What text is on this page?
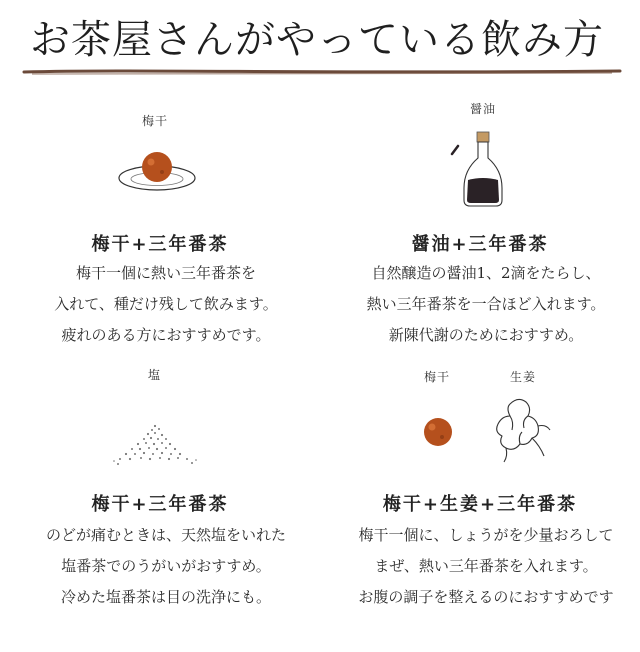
お茶屋さんがやっている飲み方
梅干
梅干+三年番茶
梅干一個に熱い三年番茶を
入れて、種だけ残して飲みます。
疲れのある方におすすめです。
醤油
醤油+三年番茶
自然醸造の醤油1、2滴をたらし、
熱い三年番茶を一合ほど入れます。
新陳代謝のためにおすすめ。
塩
梅干+三年番茶
のどが痛むときは、天然塩をいれた
塩番茶でのうがいがおすすめ。
冷めた塩番茶は目の洗浄にも。
梅干	生姜
梅干+生姜+三年番茶
梅干一個に、しょうがを少量おろして
まぜ、熱い三年番茶を入れます。
お腹の調子を整えるのにおすすめです
